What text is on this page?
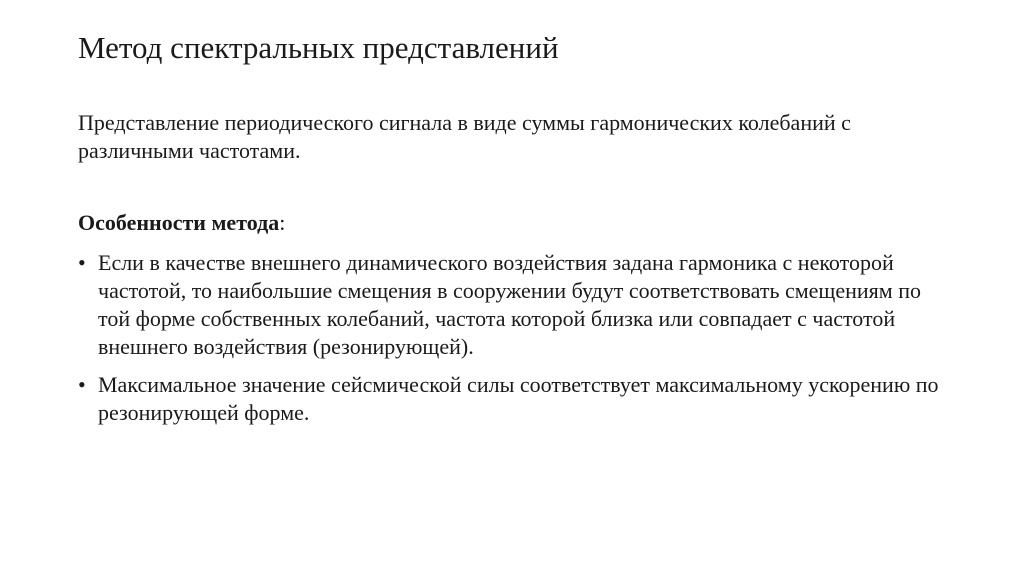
Метод спектральных представлений

Представление периодического сигнала в виде суммы гармонических колебаний с различными частотами.

Особенности метода:

• Если в качестве внешнего динамического воздействия задана гармоника с некоторой частотой, то наибольшие смещения в сооружении будут соответствовать смещениям по той форме собственных колебаний, частота которой близка или совпадает с частотой внешнего воздействия (резонирующей).
• Максимальное значение сейсмической силы соответствует максимальному ускорению по резонирующей форме.
